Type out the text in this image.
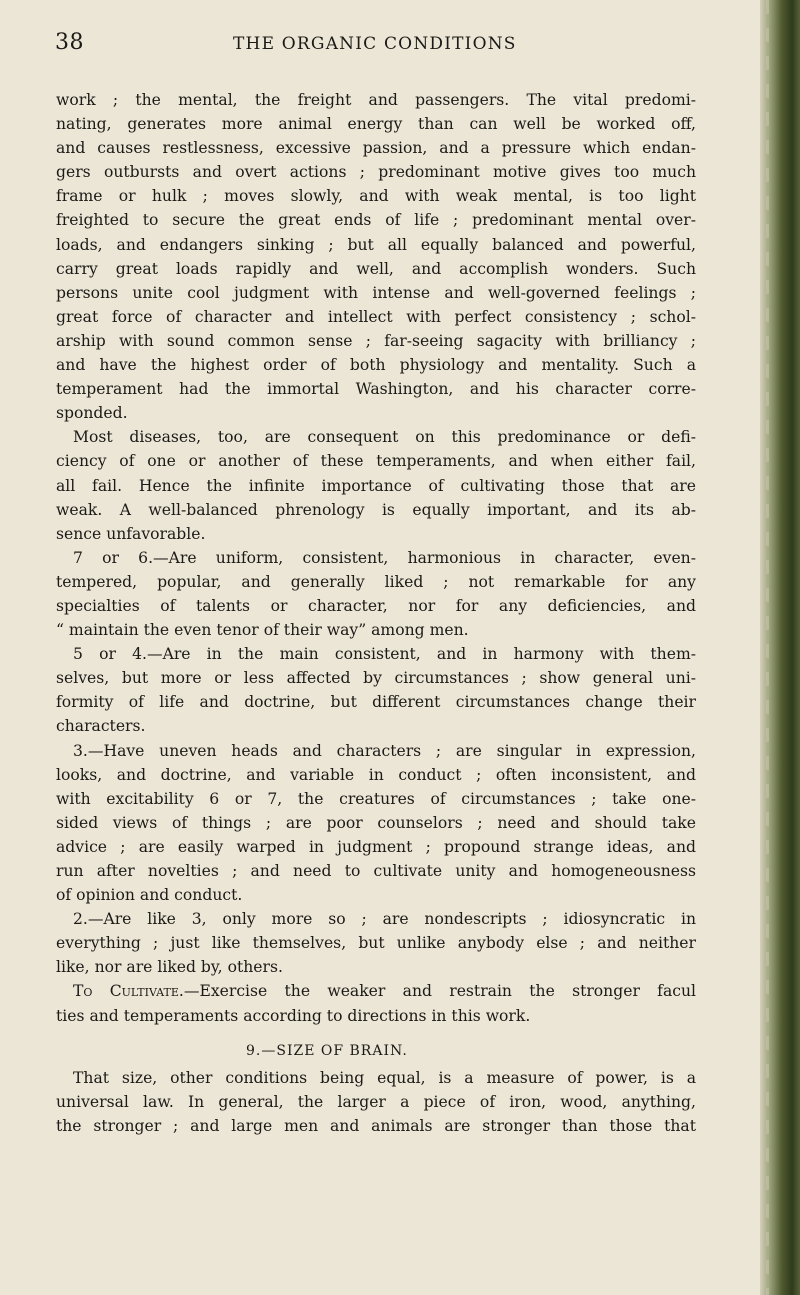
38	THE ORGANIC CONDITIONS
work ; the mental, the freight and passengers. The vital predomi-
nating, generates more animal energy than can well be worked off,
and causes restlessness, excessive passion, and a pressure which endan-
gers outbursts and overt actions ; predominant motive gives too much
frame or hulk ; moves slowly, and with weak mental, is too light
freighted to secure the great ends of life ; predominant mental over-
loads, and endangers sinking ; but all equally balanced and powerful,
carry great loads rapidly and well, and accomplish wonders. Such
persons unite cool judgment with intense and well-governed feelings ;
great force of character and intellect with perfect consistency ; schol-
arship with sound common sense ; far-seeing sagacity with brilliancy ;
and have the highest order of both physiology and mentality. Such a
temperament had the immortal Washington, and his character corre-
sponded.
Most diseases, too, are consequent on this predominance or defi-
ciency of one or another of these temperaments, and when either fail,
all fail. Hence the infinite importance of cultivating those that are
weak. A well-balanced phrenology is equally important, and its ab-
sence unfavorable.
7 or 6.—Are uniform, consistent, harmonious in character, even-
tempered, popular, and generally liked ; not remarkable for any
specialties of talents or character, nor for any deficiencies, and
“ maintain the even tenor of their way” among men.
5 or 4.—Are in the main consistent, and in harmony with them-
selves, but more or less affected by circumstances ; show general uni-
formity of life and doctrine, but different circumstances change their
characters.
3.—Have uneven heads and characters ; are singular in expression,
looks, and doctrine, and variable in conduct ; often inconsistent, and
with excitability 6 or 7, the creatures of circumstances ; take one-
sided views of things ; are poor counselors ; need and should take
advice ; are easily warped in judgment ; propound strange ideas, and
run after novelties ; and need to cultivate unity and homogeneousness
of opinion and conduct.
2.—Are like 3, only more so ; are nondescripts ; idiosyncratic in
everything ; just like themselves, but unlike anybody else ; and neither
like, nor are liked by, others.
To Cultivate.—Exercise the weaker and restrain the stronger facul
ties and temperaments according to directions in this work.
9.—SIZE OF BRAIN.
That size, other conditions being equal, is a measure of power, is a
universal law. In general, the larger a piece of iron, wood, anything,
the stronger ; and large men and animals are stronger than those that
